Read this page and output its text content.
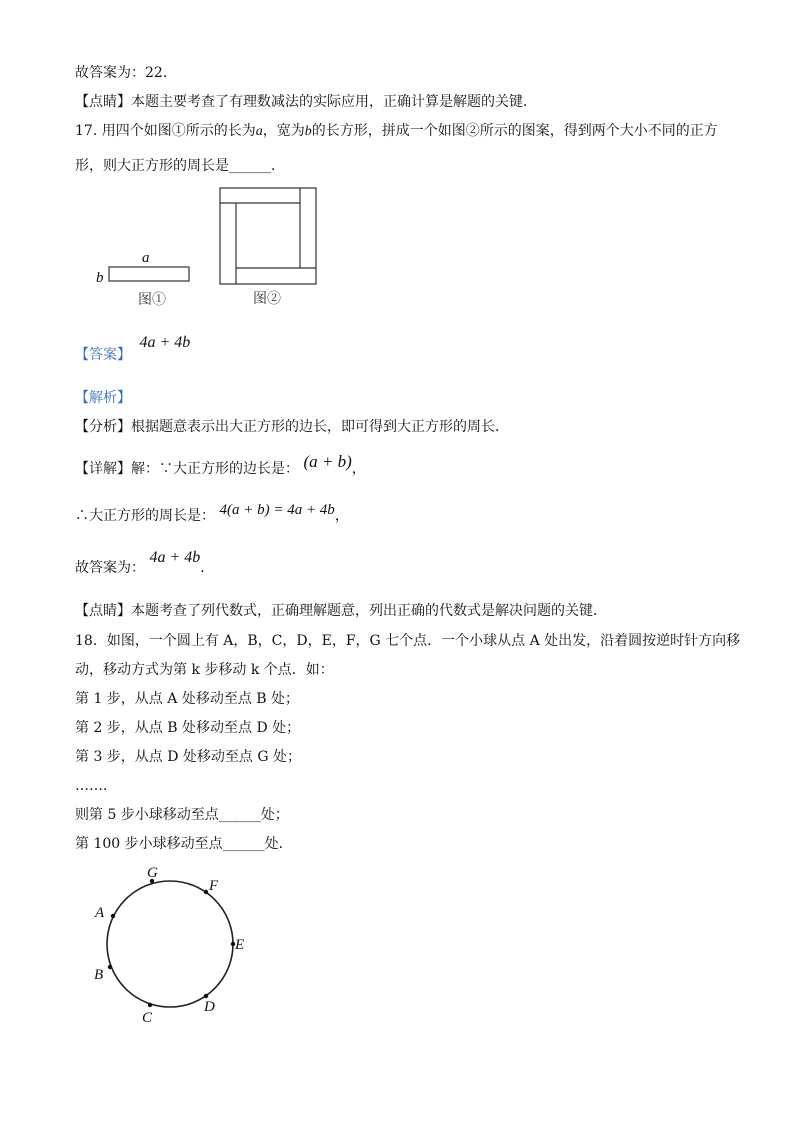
故答案为：22．
【点睛】本题主要考查了有理数减法的实际应用，正确计算是解题的关键．
17. 用四个如图①所示的长为a，宽为b的长方形，拼成一个如图②所示的图案，得到两个大小不同的正方
形，则大正方形的周长是______．
a
b
图①	图②
【答案】 4a + 4b
【解析】
【分析】根据题意表示出大正方形的边长，即可得到大正方形的周长．
【详解】解：∵大正方形的边长是： (a + b)，
∴大正方形的周长是： 4(a + b) = 4a + 4b，
故答案为： 4a + 4b．
【点睛】本题考查了列代数式，正确理解题意，列出正确的代数式是解决问题的关键．
18．如图，一个圆上有 A，B，C，D，E，F，G 七个点．一个小球从点 A 处出发，沿着圆按逆时针方向移
动，移动方式为第 k 步移动 k 个点．如：
第 1 步，从点 A 处移动至点 B 处；
第 2 步，从点 B 处移动至点 D 处；
第 3 步，从点 D 处移动至点 G 处；
……．
则第 5 步小球移动至点______处；
第 100 步小球移动至点______处．
G
F
E
D
C
B
A
